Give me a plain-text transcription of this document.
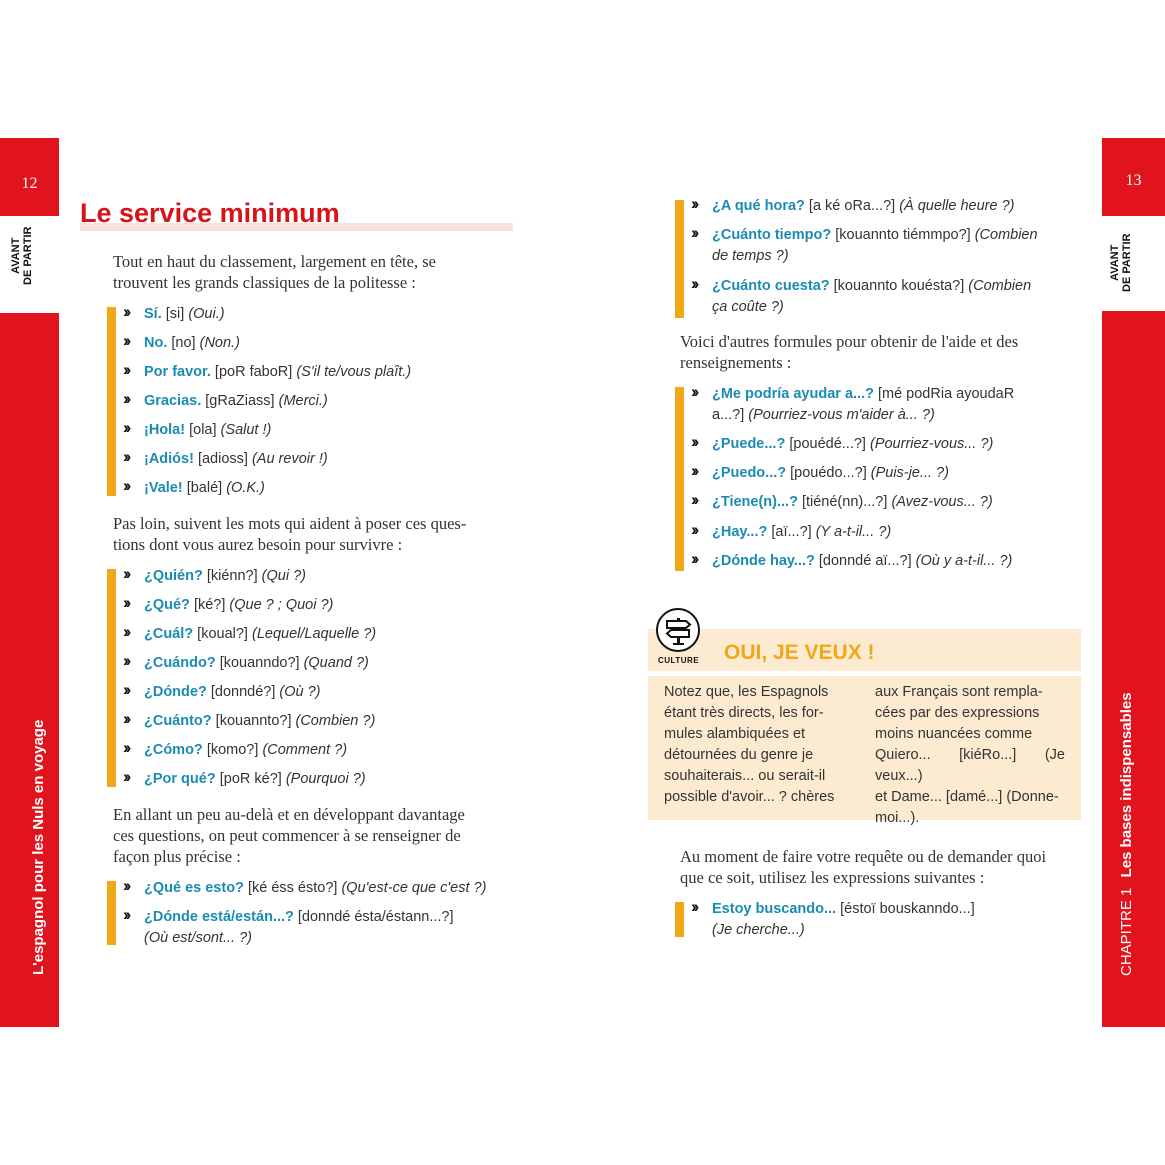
12
AVANT DE PARTIR
L'espagnol pour les Nuls en voyage
13
AVANT DE PARTIR
CHAPITRE 1 Les bases indispensables
Le service minimum
Tout en haut du classement, largement en tête, se
trouvent les grands classiques de la politesse :
Pas loin, suivent les mots qui aident à poser ces ques-
tions dont vous aurez besoin pour survivre :
En allant un peu au-delà et en développant davantage
ces questions, on peut commencer à se renseigner de
façon plus précise :
Voici d'autres formules pour obtenir de l'aide et des
renseignements :
CULTURE OUI, JE VEUX !
Notez que, les Espagnols
étant très directs, les for-
mules alambiquées et
détournées du genre je
souhaiterais... ou serait-il
possible d'avoir... ? chères
aux Français sont rempla-
cées par des expressions
moins nuancées comme
Quiero... [kiéRo...] (Je veux...)
et Dame... [damé...] (Donne-
moi...).
Au moment de faire votre requête ou de demander quoi
que ce soit, utilisez les expressions suivantes :
›› Sí. [si] (Oui.)
›› No. [no] (Non.)
›› Por favor. [poR fabоR] (S'il te/vous plaît.)
›› Gracias. [gRaZiass] (Merci.)
›› ¡Hola! [ola] (Salut !)
›› ¡Adiós! [adioss] (Au revoir !)
›› ¡Vale! [balé] (O.K.)
›› ¿Quién? [kiénn?] (Qui ?)
›› ¿Qué? [ké?] (Que ? ; Quoi ?)
›› ¿Cuál? [koual?] (Lequel/Laquelle ?)
›› ¿Cuándo? [kouanndo?] (Quand ?)
›› ¿Dónde? [donndé?] (Où ?)
›› ¿Cuánto? [kouannto?] (Combien ?)
›› ¿Cómo? [komo?] (Comment ?)
›› ¿Por qué? [poR ké?] (Pourquoi ?)
›› ¿Qué es esto? [ké éss ésto?] (Qu'est-ce que c'est ?)
›› ¿Dónde está/están...? [donndé ésta/éstann...?]
(Où est/sont... ?)
›› ¿A qué hora? [a ké oRa...?] (À quelle heure ?)
›› ¿Cuánto tiempo? [kouannto tiémmpo?] (Combien
de temps ?)
›› ¿Cuánto cuesta? [kouannto kouésta?] (Combien
ça coûte ?)
›› ¿Me podría ayudar a...? [mé podRia ayoudaR
a...?] (Pourriez-vous m'aider à... ?)
›› ¿Puede...? [pouédé...?] (Pourriez-vous... ?)
›› ¿Puedo...? [pouédo...?] (Puis-je... ?)
›› ¿Tiene(n)...? [tiéné(nn)...?] (Avez-vous... ?)
›› ¿Hay...? [aï...?] (Y a-t-il... ?)
›› ¿Dónde hay...? [donndé aï...?] (Où y a-t-il... ?)
›› Estoy buscando... [éstoï bouskanndo...]
(Je cherche...)
